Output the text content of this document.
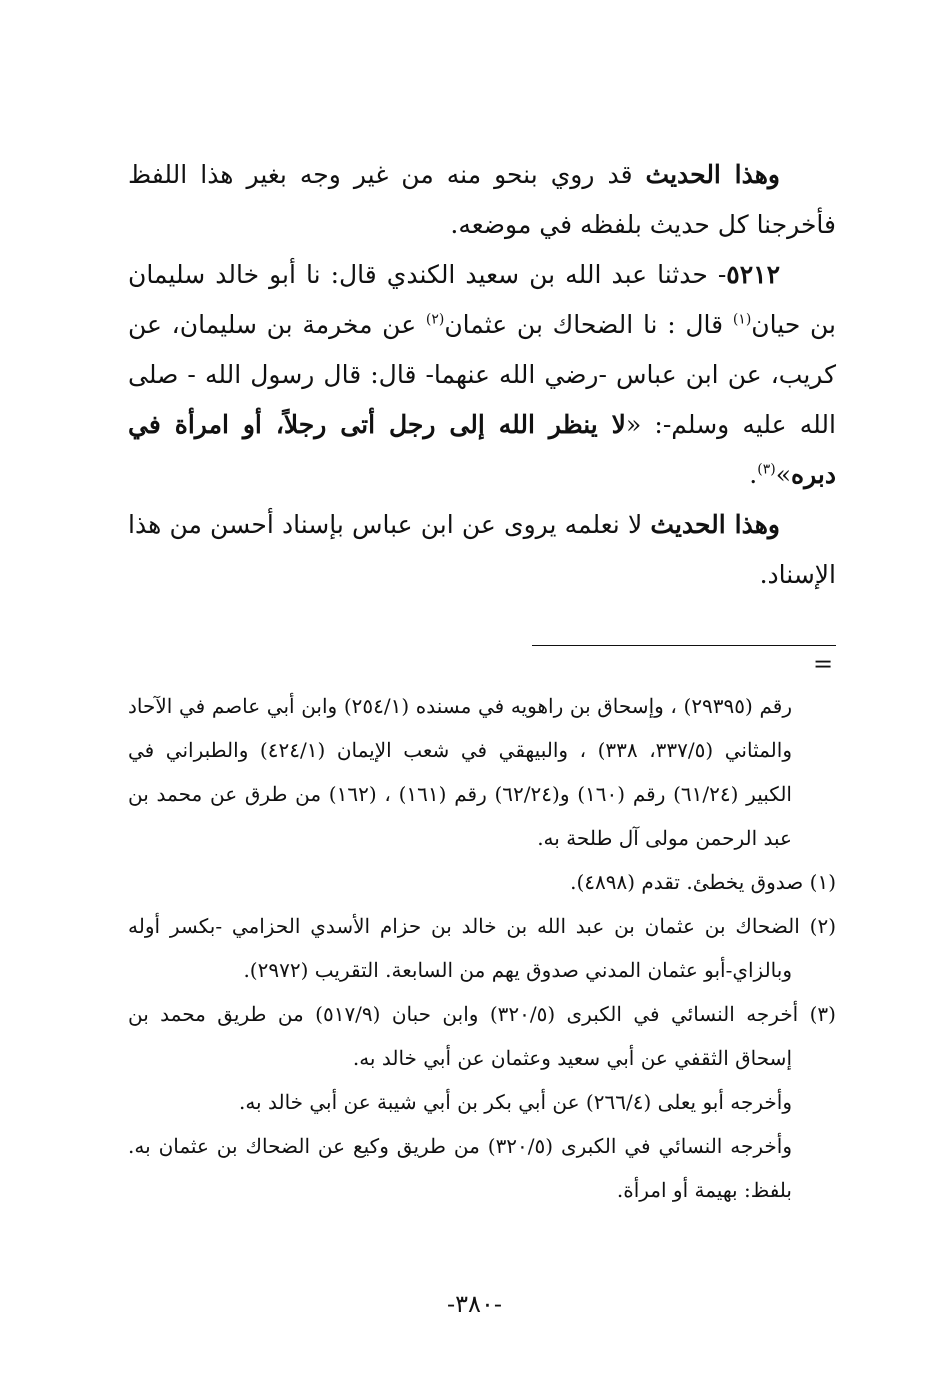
وهذا الحديث قد روي بنحو منه من غير وجه بغير هذا اللفظ فأخرجنا كل حديث بلفظه في موضعه.

٥٢١٢- حدثنا عبد الله بن سعيد الكندي قال: نا أبو خالد سليمان بن حيان$^{(١)}$ قال : نا الضحاك بن عثمان$^{(٢)}$ عن مخرمة بن سليمان، عن كريب، عن ابن عباس -رضي الله عنهما- قال: قال رسول الله - صلى الله عليه وسلم-: «لا ينظر الله إلى رجل أتى رجلاً، أو امرأة في دبره»$^{(٣)}$.

وهذا الحديث لا نعلمه يروى عن ابن عباس بإسناد أحسن من هذا الإسناد.

=

رقم (٢٩٣٩٥) ، وإسحاق بن راهويه في مسنده (٢٥٤/١) وابن أبي عاصم في الآحاد والمثاني (٣٣٧/٥، ٣٣٨) ، والبيهقي في شعب الإيمان (٤٢٤/١) والطبراني في الكبير (٦١/٢٤) رقم (١٦٠) و(٦٢/٢٤) رقم (١٦١) ، (١٦٢) من طرق عن محمد بن عبد الرحمن مولى آل طلحة به.

(١) صدوق يخطئ. تقدم (٤٨٩٨).

(٢) الضحاك بن عثمان بن عبد الله بن خالد بن حزام الأسدي الحزامي -بكسر أوله وبالزاي-أبو عثمان المدني صدوق يهم من السابعة. التقريب (٢٩٧٢).

(٣) أخرجه النسائي في الكبرى (٣٢٠/٥) وابن حبان (٥١٧/٩) من طريق محمد بن إسحاق الثقفي عن أبي سعيد وعثمان عن أبي خالد به.

وأخرجه أبو يعلى (٢٦٦/٤) عن أبي بكر بن أبي شيبة عن أبي خالد به.

وأخرجه النسائي في الكبرى (٣٢٠/٥) من طريق وكيع عن الضحاك بن عثمان به. بلفظ: بهيمة أو امرأة.

-٣٨٠-
